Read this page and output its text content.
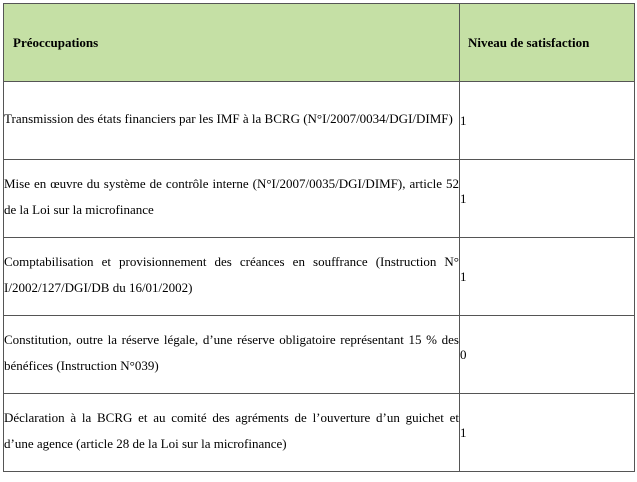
Préoccupations	Niveau de satisfaction

Transmission des états financiers par les IMF à la BCRG (N°I/2007/0034/DGI/DIMF)	1

Mise en œuvre du système de contrôle interne (N°I/2007/0035/DGI/DIMF), article 52 de la Loi sur la microfinance	1

Comptabilisation et provisionnement des créances en souffrance (Instruction N° I/2002/127/DGI/DB du 16/01/2002)	1

Constitution, outre la réserve légale, d’une réserve obligatoire représentant 15 % des bénéfices (Instruction N°039)	0

Déclaration à la BCRG et au comité des agréments de l’ouverture d’un guichet et d’une agence (article 28 de la Loi sur la microfinance)	1
